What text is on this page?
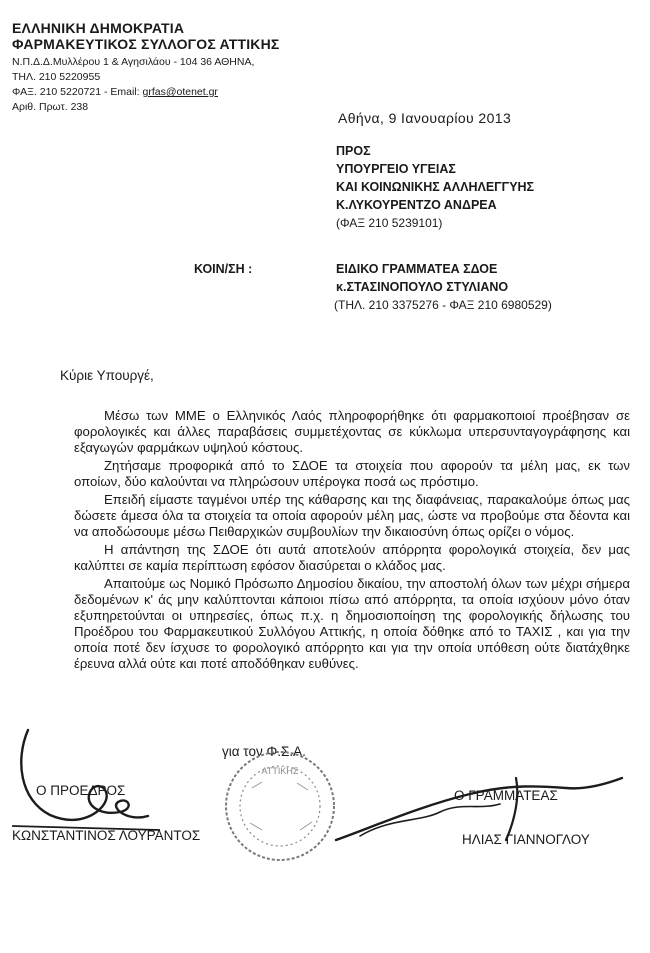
ΕΛΛΗΝΙΚΗ ΔΗΜΟΚΡΑΤΙΑ
ΦΑΡΜΑΚΕΥΤΙΚΟΣ ΣΥΛΛΟΓΟΣ ΑΤΤΙΚΗΣ
Ν.Π.Δ.Δ.Μυλλέρου 1 & Αγησιλάου - 104 36 ΑΘΗΝΑ,
ΤΗΛ. 210 5220955
ΦΑΞ. 210 5220721 - Email: grfas@otenet.gr
Αριθ. Πρωτ. 238
Αθήνα, 9 Ιανουαρίου 2013
ΠΡΟΣ
ΥΠΟΥΡΓΕΙΟ ΥΓΕΙΑΣ
ΚΑΙ ΚΟΙΝΩΝΙΚΗΣ ΑΛΛΗΛΕΓΓΥΗΣ
Κ.ΛΥΚΟΥΡΕΝΤΖΟ ΑΝΔΡΕΑ
(ΦΑΞ 210 5239101)
ΚΟΙΝ/ΣΗ :	ΕΙΔΙΚΟ ΓΡΑΜΜΑΤΕΑ ΣΔΟΕ
κ.ΣΤΑΣΙΝΟΠΟΥΛΟ ΣΤΥΛΙΑΝΟ
(ΤΗΛ. 210 3375276 - ΦΑΞ 210 6980529)
Κύριε Υπουργέ,

Μέσω των ΜΜΕ ο Ελληνικός Λαός πληροφορήθηκε ότι φαρμακοποιοί προέβησαν σε φορολογικές και άλλες παραβάσεις συμμετέχοντας σε κύκλωμα υπερσυνταγογράφησης και εξαγωγών φαρμάκων υψηλού κόστους.

Ζητήσαμε προφορικά από το ΣΔΟΕ τα στοιχεία που αφορούν τα μέλη μας, εκ των οποίων, δύο καλούνται να πληρώσουν υπέρογκα ποσά ως πρόστιμο.

Επειδή είμαστε ταγμένοι υπέρ της κάθαρσης και της διαφάνειας, παρακαλούμε όπως μας δώσετε άμεσα όλα τα στοιχεία τα οποία αφορούν μέλη μας, ώστε να προβούμε στα δέοντα και να αποδώσουμε μέσω Πειθαρχικών συμβουλίων την δικαιοσύνη όπως ορίζει ο νόμος.

Η απάντηση της ΣΔΟΕ ότι αυτά αποτελούν απόρρητα φορολογικά στοιχεία, δεν μας καλύπτει σε καμία περίπτωση εφόσον διασύρεται ο κλάδος μας.

Απαιτούμε ως Νομικό Πρόσωπο Δημοσίου δικαίου, την αποστολή όλων των μέχρι σήμερα δεδομένων κ' άς μην καλύπτονται κάποιοι πίσω από απόρρητα, τα οποία ισχύουν μόνο όταν εξυπηρετούνται οι υπηρεσίες, όπως π.χ. η δημοσιοποίηση της φορολογικής δήλωσης του Προέδρου του Φαρμακευτικού Συλλόγου Αττικής, η οποία δόθηκε από το ΤΑΧΙΣ , και για την οποία ποτέ δεν ίσχυσε το φορολογικό απόρρητο και για την οποία υπόθεση ούτε διατάχθηκε έρευνα αλλά ούτε και ποτέ αποδόθηκαν ευθύνες.

για τον Φ.Σ.Α.
ΑΤΤΙΚΗΣ
Ο ΠΡΟΕΔΡΟΣ
ΚΩΝΣΤΑΝΤΙΝΟΣ ΛΟΥΡΑΝΤΟΣ
Ο ΓΡΑΜΜΑΤΕΑΣ
ΗΛΙΑΣ ΓΙΑΝΝΟΓΛΟΥ
